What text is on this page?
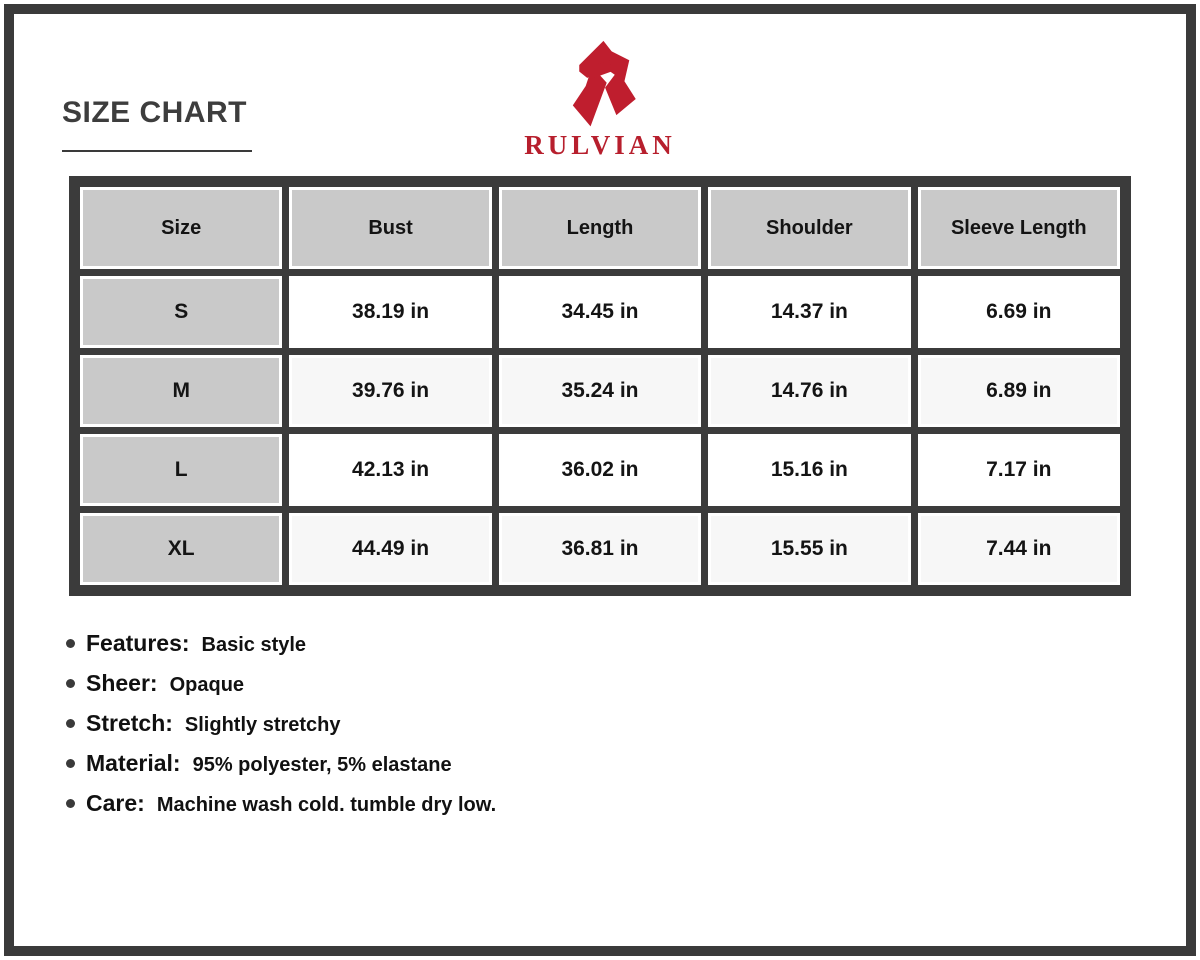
SIZE CHART
RULVIAN
Size	Bust	Length	Shoulder	Sleeve Length
S	38.19 in	34.45 in	14.37 in	6.69 in
M	39.76 in	35.24 in	14.76 in	6.89 in
L	42.13 in	36.02 in	15.16 in	7.17 in
XL	44.49 in	36.81 in	15.55 in	7.44 in
Features: Basic style
Sheer: Opaque
Stretch: Slightly stretchy
Material: 95% polyester, 5% elastane
Care: Machine wash cold. tumble dry low.
